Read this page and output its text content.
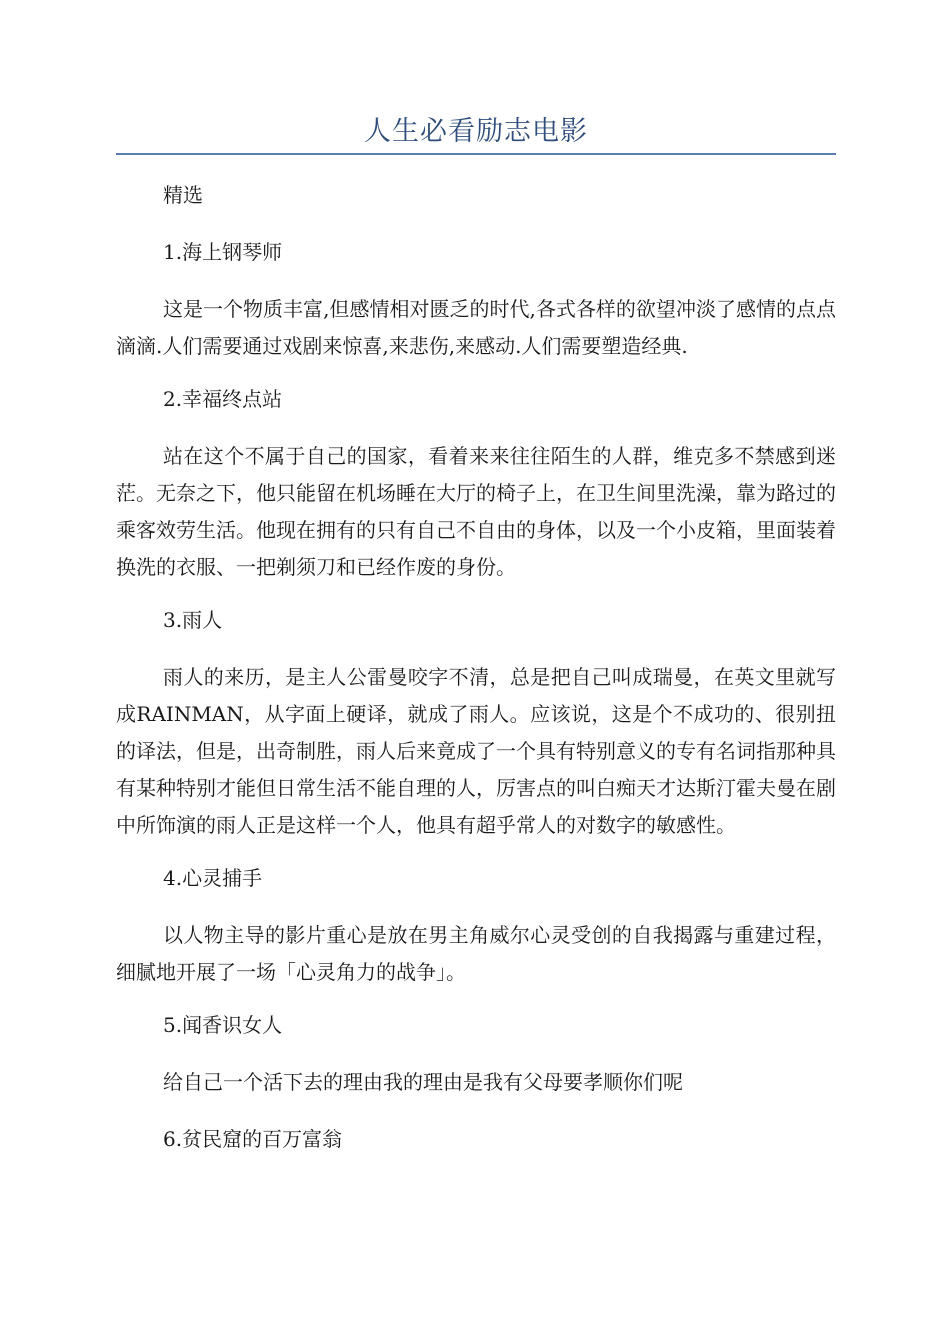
人生必看励志电影

精选

1.海上钢琴师

这是一个物质丰富,但感情相对匮乏的时代,各式各样的欲望冲淡了感情的点点滴滴.人们需要通过戏剧来惊喜,来悲伤,来感动.人们需要塑造经典.

2.幸福终点站

站在这个不属于自己的国家，看着来来往往陌生的人群，维克多不禁感到迷茫。无奈之下，他只能留在机场睡在大厅的椅子上，在卫生间里洗澡，靠为路过的乘客效劳生活。他现在拥有的只有自己不自由的身体，以及一个小皮箱，里面装着换洗的衣服、一把剃须刀和已经作废的身份。

3.雨人

雨人的来历，是主人公雷曼咬字不清，总是把自己叫成瑞曼，在英文里就写成RAINMAN，从字面上硬译，就成了雨人。应该说，这是个不成功的、很别扭的译法，但是，出奇制胜，雨人后来竟成了一个具有特别意义的专有名词指那种具有某种特别才能但日常生活不能自理的人，厉害点的叫白痴天才达斯汀霍夫曼在剧中所饰演的雨人正是这样一个人，他具有超乎常人的对数字的敏感性。

4.心灵捕手

以人物主导的影片重心是放在男主角威尔心灵受创的自我揭露与重建过程，细腻地开展了一场「心灵角力的战争」。

5.闻香识女人

给自己一个活下去的理由我的理由是我有父母要孝顺你们呢

6.贫民窟的百万富翁
